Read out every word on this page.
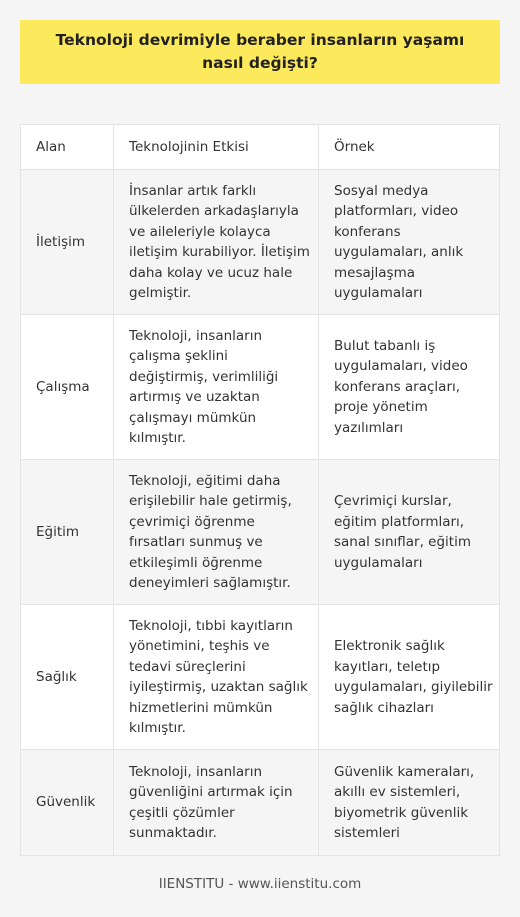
Teknoloji devrimiyle beraber insanların yaşamı nasıl değişti?
Alan	Teknolojinin Etkisi	Örnek
İletişim
İnsanlar artık farklı ülkelerden arkadaşlarıyla ve aileleriyle kolayca iletişim kurabiliyor. İletişim daha kolay ve ucuz hale gelmiştir.
Sosyal medya platformları, video konferans uygulamaları, anlık mesajlaşma uygulamaları
Çalışma
Teknoloji, insanların çalışma şeklini değiştirmiş, verimliliği artırmış ve uzaktan çalışmayı mümkün kılmıştır.
Bulut tabanlı iş uygulamaları, video konferans araçları, proje yönetim yazılımları
Eğitim
Teknoloji, eğitimi daha erişilebilir hale getirmiş, çevrimiçi öğrenme fırsatları sunmuş ve etkileşimli öğrenme deneyimleri sağlamıştır.
Çevrimiçi kurslar, eğitim platformları, sanal sınıflar, eğitim uygulamaları
Sağlık
Teknoloji, tıbbi kayıtların yönetimini, teşhis ve tedavi süreçlerini iyileştirmiş, uzaktan sağlık hizmetlerini mümkün kılmıştır.
Elektronik sağlık kayıtları, teletıp uygulamaları, giyilebilir sağlık cihazları
Güvenlik
Teknoloji, insanların güvenliğini artırmak için çeşitli çözümler sunmaktadır.
Güvenlik kameraları, akıllı ev sistemleri, biyometrik güvenlik sistemleri
IIENSTITU - www.iienstitu.com
